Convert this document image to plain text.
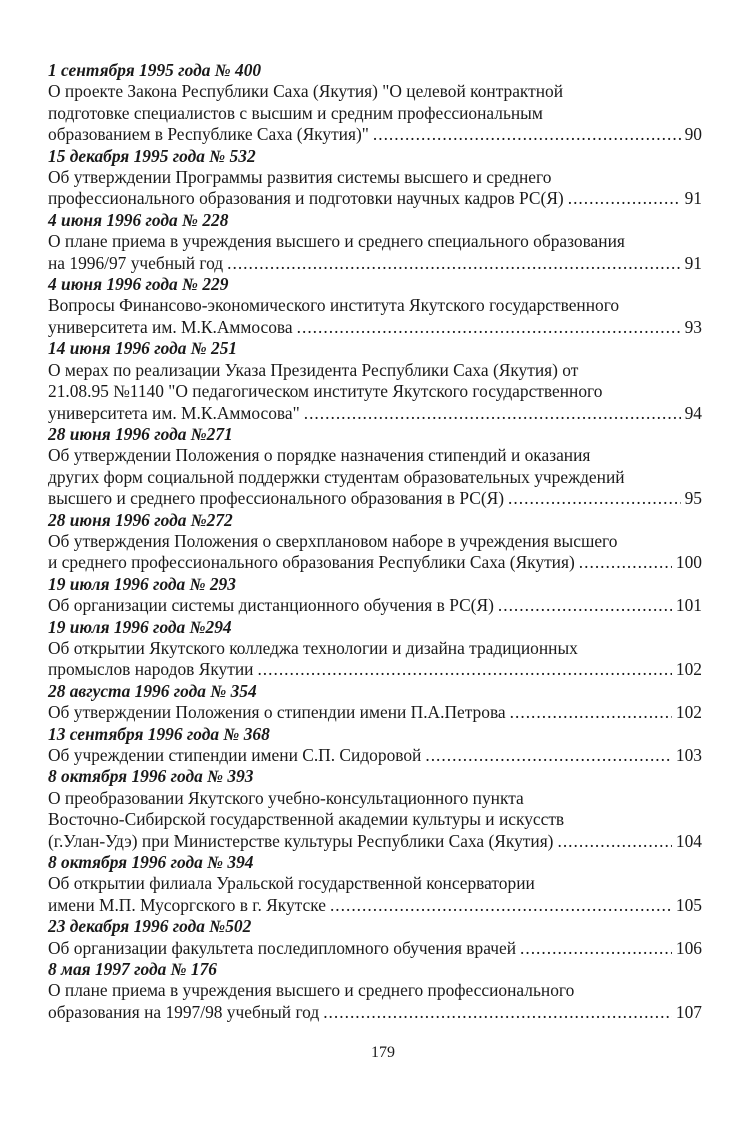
1 сентября 1995 года № 400
О проекте Закона Республики Саха (Якутия) "О целевой контрактной
подготовке специалистов с высшим и средним профессиональным
образованием в Республике Саха (Якутия)" .....	90
15 декабря 1995 года № 532
Об утверждении Программы развития системы высшего и среднего
профессионального образования и подготовки научных кадров РС(Я) .....	91
4 июня 1996 года № 228
О плане приема в учреждения высшего и среднего специального образования
на 1996/97 учебный год .....	91
4 июня 1996 года № 229
Вопросы Финансово-экономического института Якутского государственного
университета им. М.К.Аммосова .....	93
14 июня 1996 года № 251
О мерах по реализации Указа Президента Республики Саха (Якутия) от
21.08.95 №1140 "О педагогическом институте Якутского государственного
университета им. М.К.Аммосова" .....	94
28 июня 1996 года №271
Об утверждении Положения о порядке назначения стипендий и оказания
других форм социальной поддержки студентам образовательных учреждений
высшего и среднего профессионального образования в РС(Я) .....	95
28 июня 1996 года №272
Об утверждения Положения о сверхплановом наборе в учреждения высшего
и среднего профессионального образования Республики Саха (Якутия) .....	100
19 июля 1996 года № 293
Об организации системы дистанционного обучения в РС(Я) .....	101
19 июля 1996 года №294
Об открытии Якутского колледжа технологии и дизайна традиционных
промыслов народов Якутии .....	102
28 августа 1996 года № 354
Об утверждении Положения о стипендии имени П.А.Петрова .....	102
13 сентября 1996 года № 368
Об учреждении стипендии имени С.П. Сидоровой .....	103
8 октября 1996 года № 393
О преобразовании Якутского учебно-консультационного пункта
Восточно-Сибирской государственной академии культуры и искусств
(г.Улан-Удэ) при Министерстве культуры Республики Саха (Якутия) .....	104
8 октября 1996 года № 394
Об открытии филиала Уральской государственной консерватории
имени М.П. Мусоргского в г. Якутске .....	105
23 декабря 1996 года №502
Об организации факультета последипломного обучения врачей .....	106
8 мая 1997 года № 176
О плане приема в учреждения высшего и среднего профессионального
образования на 1997/98 учебный год .....	107
179
